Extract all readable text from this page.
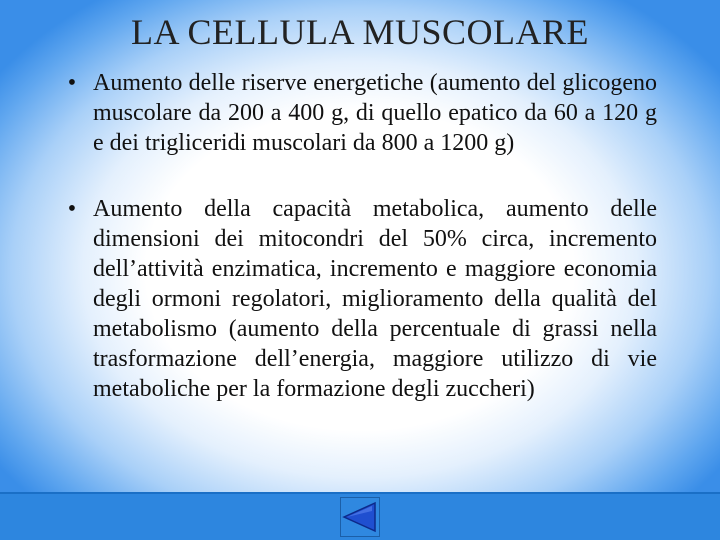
LA CELLULA MUSCOLARE
• Aumento delle riserve energetiche (aumento del glicogeno muscolare da 200 a 400 g, di quello epatico da 60 a 120 g e dei trigliceridi muscolari da 800 a 1200 g)
• Aumento della capacità metabolica, aumento delle dimensioni dei mitocondri del 50% circa, incremento dell’attività enzimatica, incremento e maggiore economia degli ormoni regolatori, miglioramento della qualità del metabolismo (aumento della percentuale di grassi nella trasformazione dell’energia, maggiore utilizzo di vie metaboliche per la formazione degli zuccheri)
